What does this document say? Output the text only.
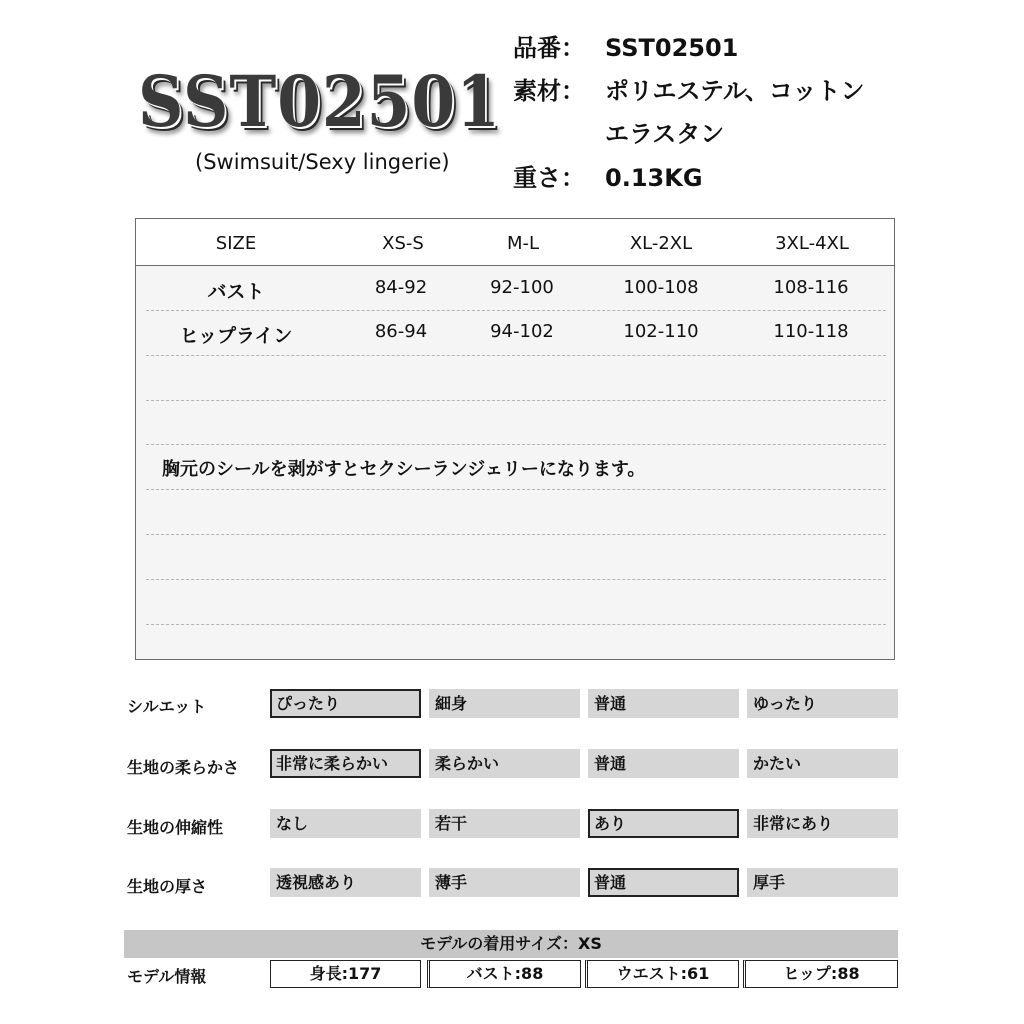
SST02501
(Swimsuit/Sexy lingerie)
品番： SST02501
素材： ポリエステル、コットン
エラスタン
重さ： 0.13KG
SIZE	XS-S	M-L	XL-2XL	3XL-4XL
バスト	84-92	92-100	100-108	108-116
ヒップライン	86-94	94-102	102-110	110-118
胸元のシールを剥がすとセクシーランジェリーになります。
シルエット	ぴったり	細身	普通	ゆったり
生地の柔らかさ	非常に柔らかい	柔らかい	普通	かたい
生地の伸縮性	なし	若干	あり	非常にあり
生地の厚さ	透視感あり	薄手	普通	厚手
モデルの着用サイズ：XS
モデル情報	身長:177	バスト:88	ウエスト:61	ヒップ:88
